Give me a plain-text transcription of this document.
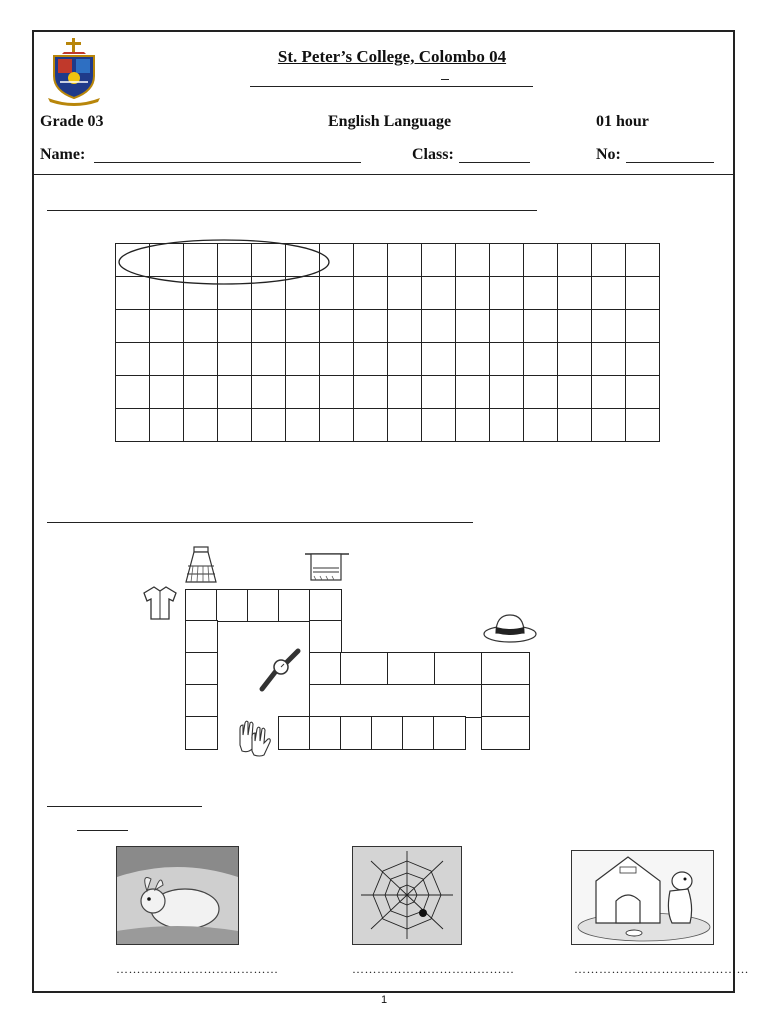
St. Peter’s College, Colombo 04
Grade 03	English Language	01 hour
Name:	Class:	No:

…………………………………	…………………………………	……………………………………
1
